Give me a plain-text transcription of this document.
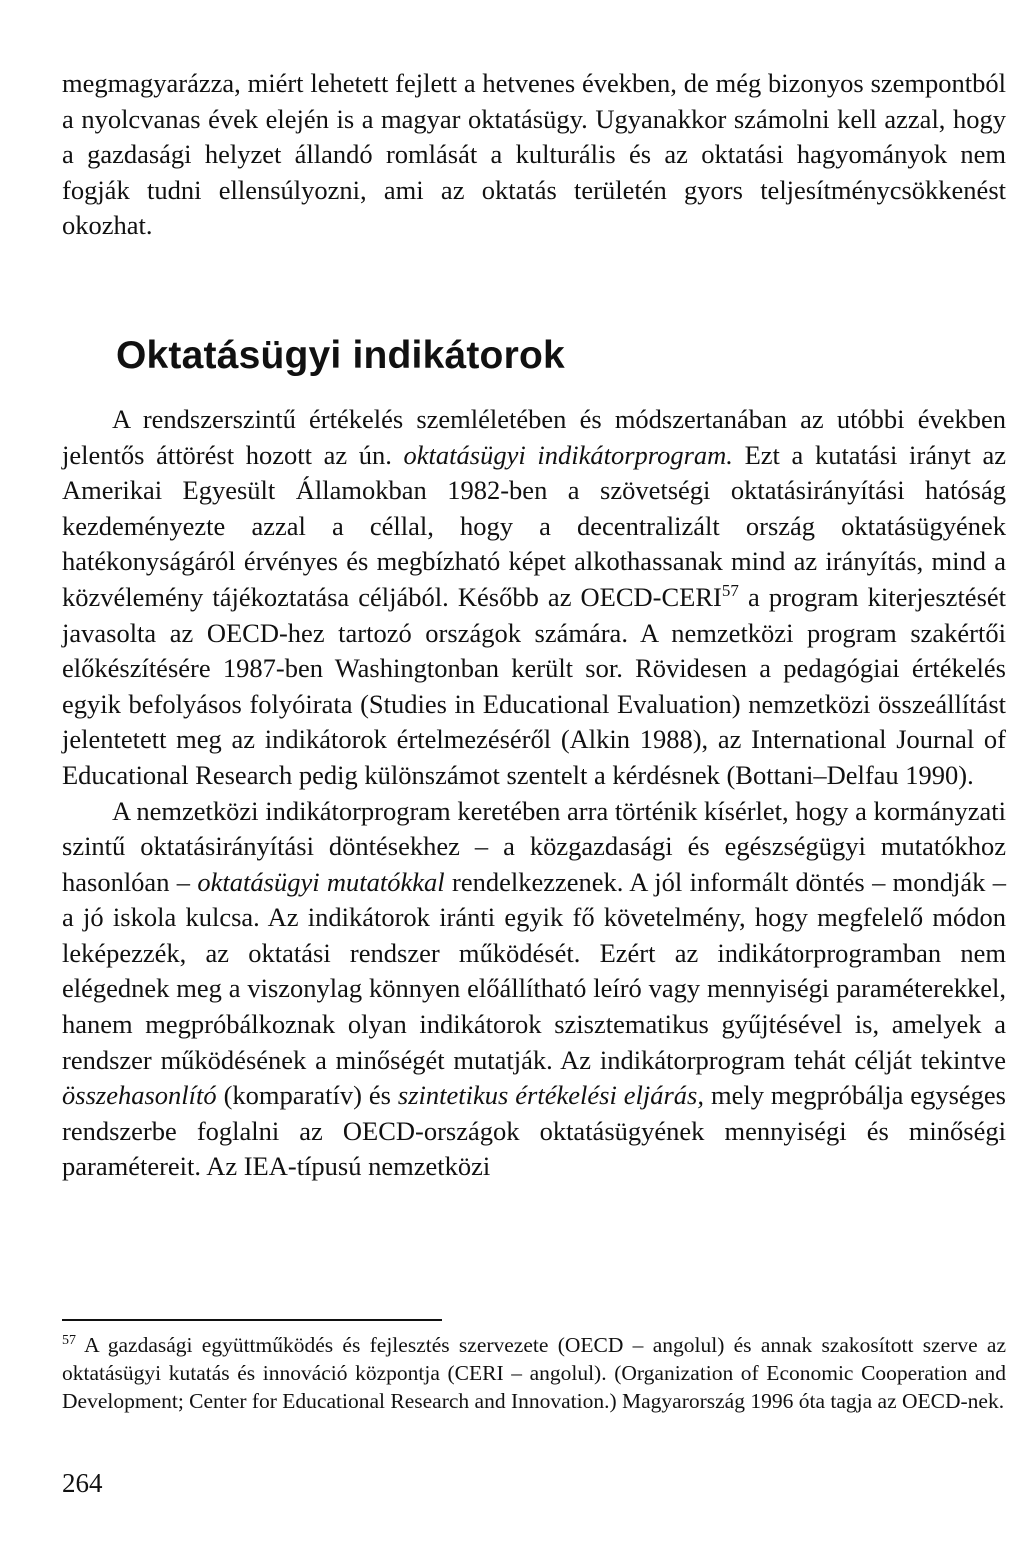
megmagyarázza, miért lehetett fejlett a hetvenes években, de még bizonyos szempontból a nyolcvanas évek elején is a magyar oktatásügy. Ugyanakkor számolni kell azzal, hogy a gazdasági helyzet állandó romlását a kulturális és az oktatási hagyományok nem fogják tudni ellensúlyozni, ami az oktatás területén gyors teljesítménycsökkenést okozhat.

Oktatásügyi indikátorok

A rendszerszintű értékelés szemléletében és módszertanában az utóbbi években jelentős áttörést hozott az ún. oktatásügyi indikátorprogram. Ezt a kutatási irányt az Amerikai Egyesült Államokban 1982-ben a szövetségi oktatásirányítási hatóság kezdeményezte azzal a céllal, hogy a decentralizált ország oktatásügyének hatékonyságáról érvényes és megbízható képet alkothassanak mind az irányítás, mind a közvélemény tájékoztatása céljából. Később az OECD-CERI$^{57}$ a program kiterjesztését javasolta az OECD-hez tartozó országok számára. A nemzetközi program szakértői előkészítésére 1987-ben Washingtonban került sor. Rövidesen a pedagógiai értékelés egyik befolyásos folyóirata (Studies in Educational Evaluation) nemzetközi összeállítást jelentetett meg az indikátorok értelmezéséről (Alkin 1988), az International Journal of Educational Research pedig különszámot szentelt a kérdésnek (Bottani–Delfau 1990).

A nemzetközi indikátorprogram keretében arra történik kísérlet, hogy a kormányzati szintű oktatásirányítási döntésekhez – a közgazdasági és egészségügyi mutatókhoz hasonlóan – oktatásügyi mutatókkal rendelkezzenek. A jól informált döntés – mondják – a jó iskola kulcsa. Az indikátorok iránti egyik fő követelmény, hogy megfelelő módon leképezzék, az oktatási rendszer működését. Ezért az indikátorprogramban nem elégednek meg a viszonylag könnyen előállítható leíró vagy mennyiségi paraméterekkel, hanem megpróbálkoznak olyan indikátorok szisztematikus gyűjtésével is, amelyek a rendszer működésének a minőségét mutatják. Az indikátorprogram tehát célját tekintve összehasonlító (komparatív) és szintetikus értékelési eljárás, mely megpróbálja egységes rendszerbe foglalni az OECD-országok oktatásügyének mennyiségi és minőségi paramétereit. Az IEA-típusú nemzetközi

$^{57}$ A gazdasági együttműködés és fejlesztés szervezete (OECD – angolul) és annak szakosított szerve az oktatásügyi kutatás és innováció központja (CERI – angolul). (Organization of Economic Cooperation and Development; Center for Educational Research and Innovation.) Magyarország 1996 óta tagja az OECD-nek.

264
